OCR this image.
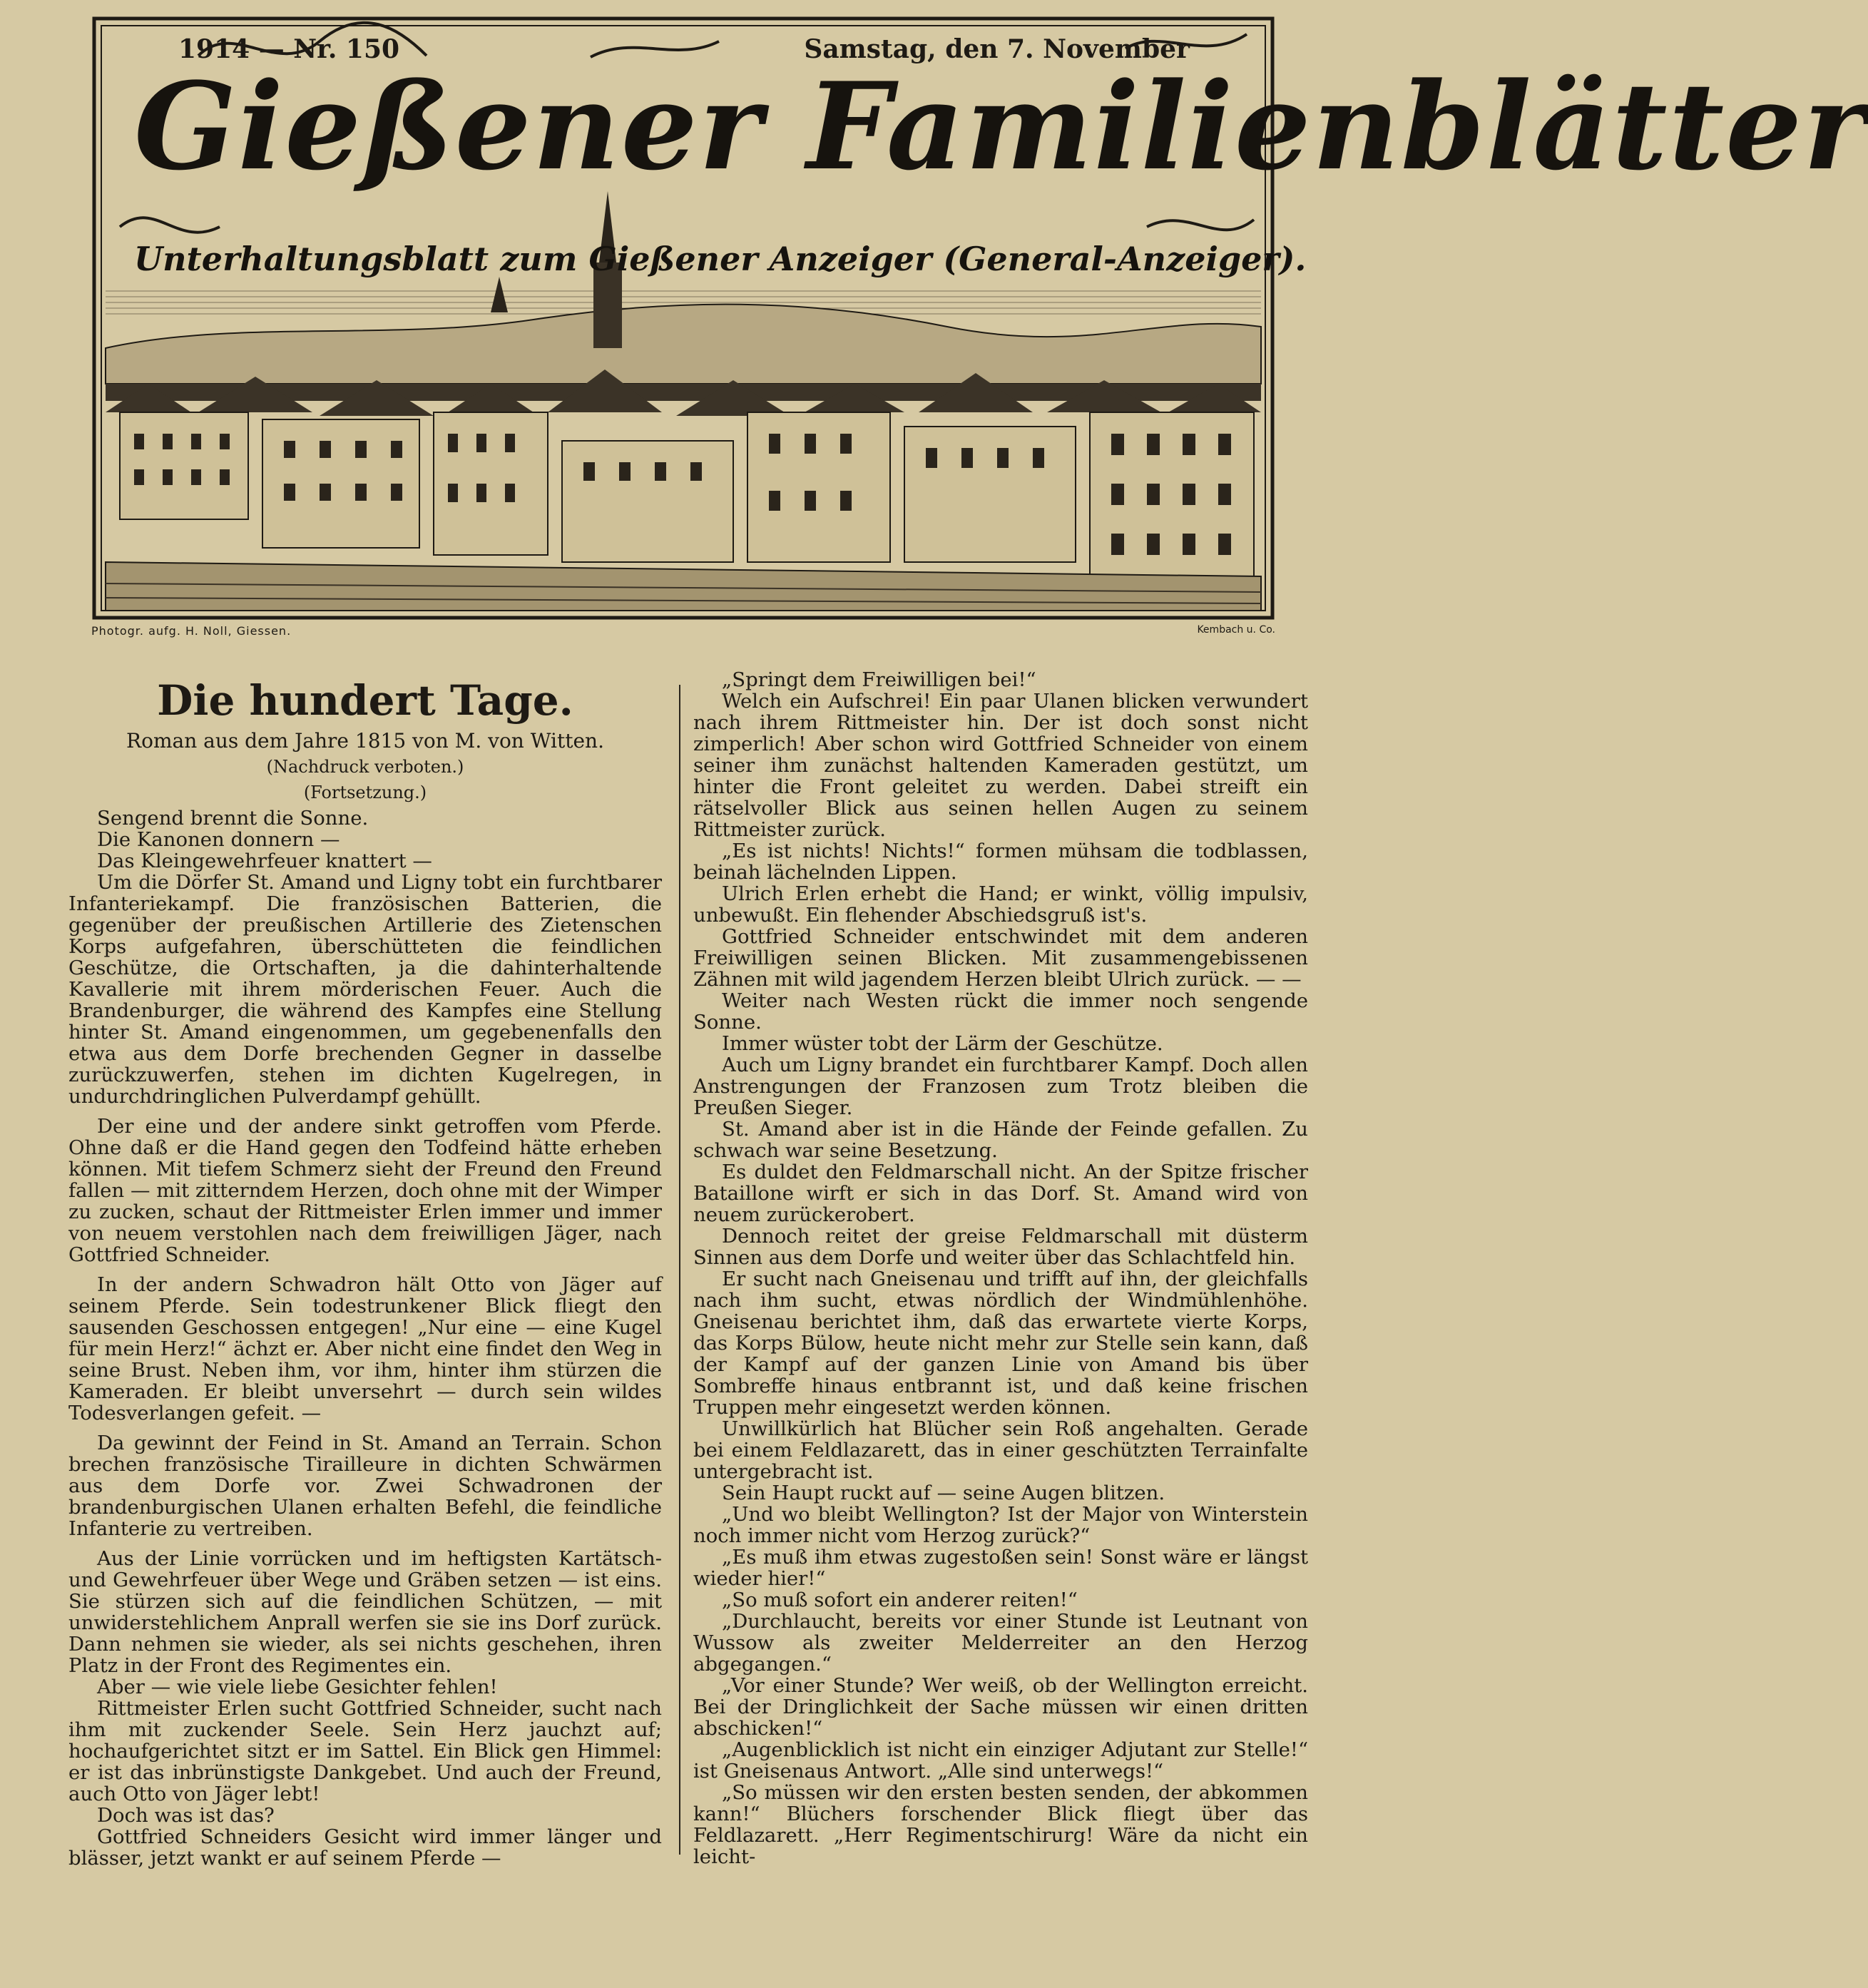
1914 — Nr. 150	Samstag, den 7. November
Gießener Familienblätter
Unterhaltungsblatt zum Gießener Anzeiger (General-Anzeiger).
Photogr. aufg. H. Noll, Giessen.	Kembach u. Co.
Die hundert Tage.
Roman aus dem Jahre 1815 von M. von Witten.
(Nachdruck verboten.)
(Fortsetzung.)

Sengend brennt die Sonne.

Die Kanonen donnern —

Das Kleingewehrfeuer knattert —

Um die Dörfer St. Amand und Ligny tobt ein furchtbarer Infanteriekampf. Die französischen Batterien, die gegenüber der preußischen Artillerie des Zietenschen Korps aufgefahren, überschütteten die feindlichen Geschütze, die Ortschaften, ja die dahinterhaltende Kavallerie mit ihrem mörderischen Feuer. Auch die Brandenburger, die während des Kampfes eine Stellung hinter St. Amand eingenommen, um gegebenenfalls den etwa aus dem Dorfe brechenden Gegner in dasselbe zurückzuwerfen, stehen im dichten Kugelregen, in undurchdringlichen Pulverdampf gehüllt.

Der eine und der andere sinkt getroffen vom Pferde. Ohne daß er die Hand gegen den Todfeind hätte erheben können. Mit tiefem Schmerz sieht der Freund den Freund fallen — mit zitterndem Herzen, doch ohne mit der Wimper zu zucken, schaut der Rittmeister Erlen immer und immer von neuem verstohlen nach dem freiwilligen Jäger, nach Gottfried Schneider.

In der andern Schwadron hält Otto von Jäger auf seinem Pferde. Sein todestrunkener Blick fliegt den sausenden Geschossen entgegen! „Nur eine — eine Kugel für mein Herz!“ ächzt er. Aber nicht eine findet den Weg in seine Brust. Neben ihm, vor ihm, hinter ihm stürzen die Kameraden. Er bleibt unversehrt — durch sein wildes Todesverlangen gefeit. —

Da gewinnt der Feind in St. Amand an Terrain. Schon brechen französische Tirailleure in dichten Schwärmen aus dem Dorfe vor. Zwei Schwadronen der brandenburgischen Ulanen erhalten Befehl, die feindliche Infanterie zu vertreiben.

Aus der Linie vorrücken und im heftigsten Kartätsch- und Gewehrfeuer über Wege und Gräben setzen — ist eins. Sie stürzen sich auf die feindlichen Schützen, — mit unwiderstehlichem Anprall werfen sie sie ins Dorf zurück. Dann nehmen sie wieder, als sei nichts geschehen, ihren Platz in der Front des Regimentes ein.

Aber — wie viele liebe Gesichter fehlen!

Rittmeister Erlen sucht Gottfried Schneider, sucht nach ihm mit zuckender Seele. Sein Herz jauchzt auf; hochaufgerichtet sitzt er im Sattel. Ein Blick gen Himmel: er ist das inbrünstigste Dankgebet. Und auch der Freund, auch Otto von Jäger lebt!

Doch was ist das?

Gottfried Schneiders Gesicht wird immer länger und blässer, jetzt wankt er auf seinem Pferde —

„Springt dem Freiwilligen bei!“

Welch ein Aufschrei! Ein paar Ulanen blicken verwundert nach ihrem Rittmeister hin. Der ist doch sonst nicht zimperlich! Aber schon wird Gottfried Schneider von einem seiner ihm zunächst haltenden Kameraden gestützt, um hinter die Front geleitet zu werden. Dabei streift ein rätselvoller Blick aus seinen hellen Augen zu seinem Rittmeister zurück.

„Es ist nichts! Nichts!“ formen mühsam die todblassen, beinah lächelnden Lippen.

Ulrich Erlen erhebt die Hand; er winkt, völlig impulsiv, unbewußt. Ein flehender Abschiedsgruß ist's.

Gottfried Schneider entschwindet mit dem anderen Freiwilligen seinen Blicken. Mit zusammengebissenen Zähnen mit wild jagendem Herzen bleibt Ulrich zurück. — —

Weiter nach Westen rückt die immer noch sengende Sonne.

Immer wüster tobt der Lärm der Geschütze.

Auch um Ligny brandet ein furchtbarer Kampf. Doch allen Anstrengungen der Franzosen zum Trotz bleiben die Preußen Sieger.

St. Amand aber ist in die Hände der Feinde gefallen. Zu schwach war seine Besetzung.

Es duldet den Feldmarschall nicht. An der Spitze frischer Bataillone wirft er sich in das Dorf. St. Amand wird von neuem zurückerobert.

Dennoch reitet der greise Feldmarschall mit düsterm Sinnen aus dem Dorfe und weiter über das Schlachtfeld hin.

Er sucht nach Gneisenau und trifft auf ihn, der gleichfalls nach ihm sucht, etwas nördlich der Windmühlenhöhe. Gneisenau berichtet ihm, daß das erwartete vierte Korps, das Korps Bülow, heute nicht mehr zur Stelle sein kann, daß der Kampf auf der ganzen Linie von Amand bis über Sombreffe hinaus entbrannt ist, und daß keine frischen Truppen mehr eingesetzt werden können.

Unwillkürlich hat Blücher sein Roß angehalten. Gerade bei einem Feldlazarett, das in einer geschützten Terrainfalte untergebracht ist.

Sein Haupt ruckt auf — seine Augen blitzen.

„Und wo bleibt Wellington? Ist der Major von Winterstein noch immer nicht vom Herzog zurück?“

„Es muß ihm etwas zugestoßen sein! Sonst wäre er längst wieder hier!“

„So muß sofort ein anderer reiten!“

„Durchlaucht, bereits vor einer Stunde ist Leutnant von Wussow als zweiter Melderreiter an den Herzog abgegangen.“

„Vor einer Stunde? Wer weiß, ob der Wellington erreicht. Bei der Dringlichkeit der Sache müssen wir einen dritten abschicken!“

„Augenblicklich ist nicht ein einziger Adjutant zur Stelle!“ ist Gneisenaus Antwort. „Alle sind unterwegs!“

„So müssen wir den ersten besten senden, der abkommen kann!“ Blüchers forschender Blick fliegt über das Feldlazarett. „Herr Regimentschirurg! Wäre da nicht ein leicht-
